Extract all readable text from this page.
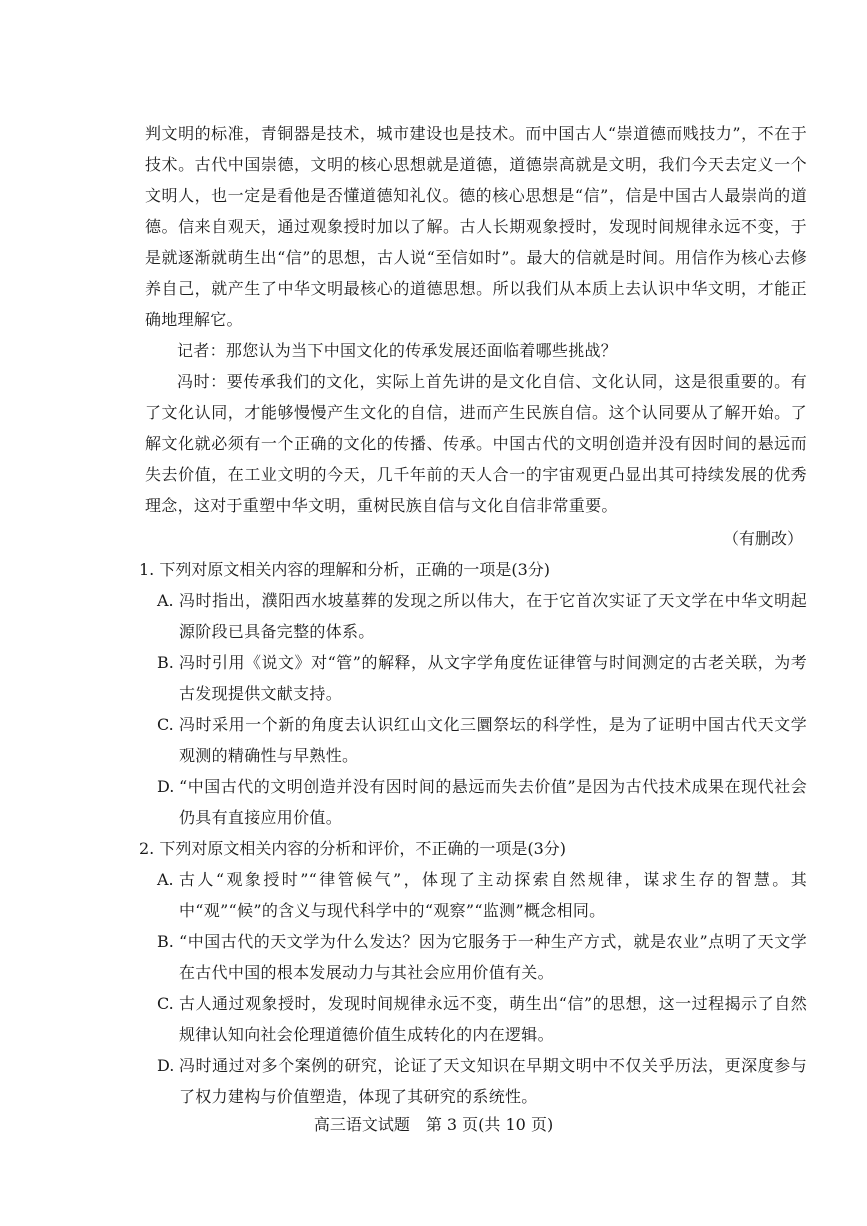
判文明的标准，青铜器是技术，城市建设也是技术。而中国古人“崇道德而贱技力”，不在于技术。古代中国崇德，文明的核心思想就是道德，道德崇高就是文明，我们今天去定义一个文明人，也一定是看他是否懂道德知礼仪。德的核心思想是“信”，信是中国古人最崇尚的道德。信来自观天，通过观象授时加以了解。古人长期观象授时，发现时间规律永远不变，于是就逐渐就萌生出“信”的思想，古人说“至信如时”。最大的信就是时间。用信作为核心去修养自己，就产生了中华文明最核心的道德思想。所以我们从本质上去认识中华文明，才能正确地理解它。

记者：那您认为当下中国文化的传承发展还面临着哪些挑战？

冯时：要传承我们的文化，实际上首先讲的是文化自信、文化认同，这是很重要的。有了文化认同，才能够慢慢产生文化的自信，进而产生民族自信。这个认同要从了解开始。了解文化就必须有一个正确的文化的传播、传承。中国古代的文明创造并没有因时间的悬远而失去价值，在工业文明的今天，几千年前的天人合一的宇宙观更凸显出其可持续发展的优秀理念，这对于重塑中华文明，重树民族自信与文化自信非常重要。

（有删改）
1. 下列对原文相关内容的理解和分析，正确的一项是(3分)
A. 冯时指出，濮阳西水坡墓葬的发现之所以伟大，在于它首次实证了天文学在中华文明起源阶段已具备完整的体系。
B. 冯时引用《说文》对“管”的解释，从文字学角度佐证律管与时间测定的古老关联，为考古发现提供文献支持。
C. 冯时采用一个新的角度去认识红山文化三圜祭坛的科学性，是为了证明中国古代天文学观测的精确性与早熟性。
D. “中国古代的文明创造并没有因时间的悬远而失去价值”是因为古代技术成果在现代社会仍具有直接应用价值。
2. 下列对原文相关内容的分析和评价，不正确的一项是(3分)
A. 古人“观象授时”“律管候气”，体现了主动探索自然规律，谋求生存的智慧。其中“观”“候”的含义与现代科学中的“观察”“监测”概念相同。
B. “中国古代的天文学为什么发达？因为它服务于一种生产方式，就是农业”点明了天文学在古代中国的根本发展动力与其社会应用价值有关。
C. 古人通过观象授时，发现时间规律永远不变，萌生出“信”的思想，这一过程揭示了自然规律认知向社会伦理道德价值生成转化的内在逻辑。
D. 冯时通过对多个案例的研究，论证了天文知识在早期文明中不仅关乎历法，更深度参与了权力建构与价值塑造，体现了其研究的系统性。
高三语文试题　第 3 页(共 10 页)
